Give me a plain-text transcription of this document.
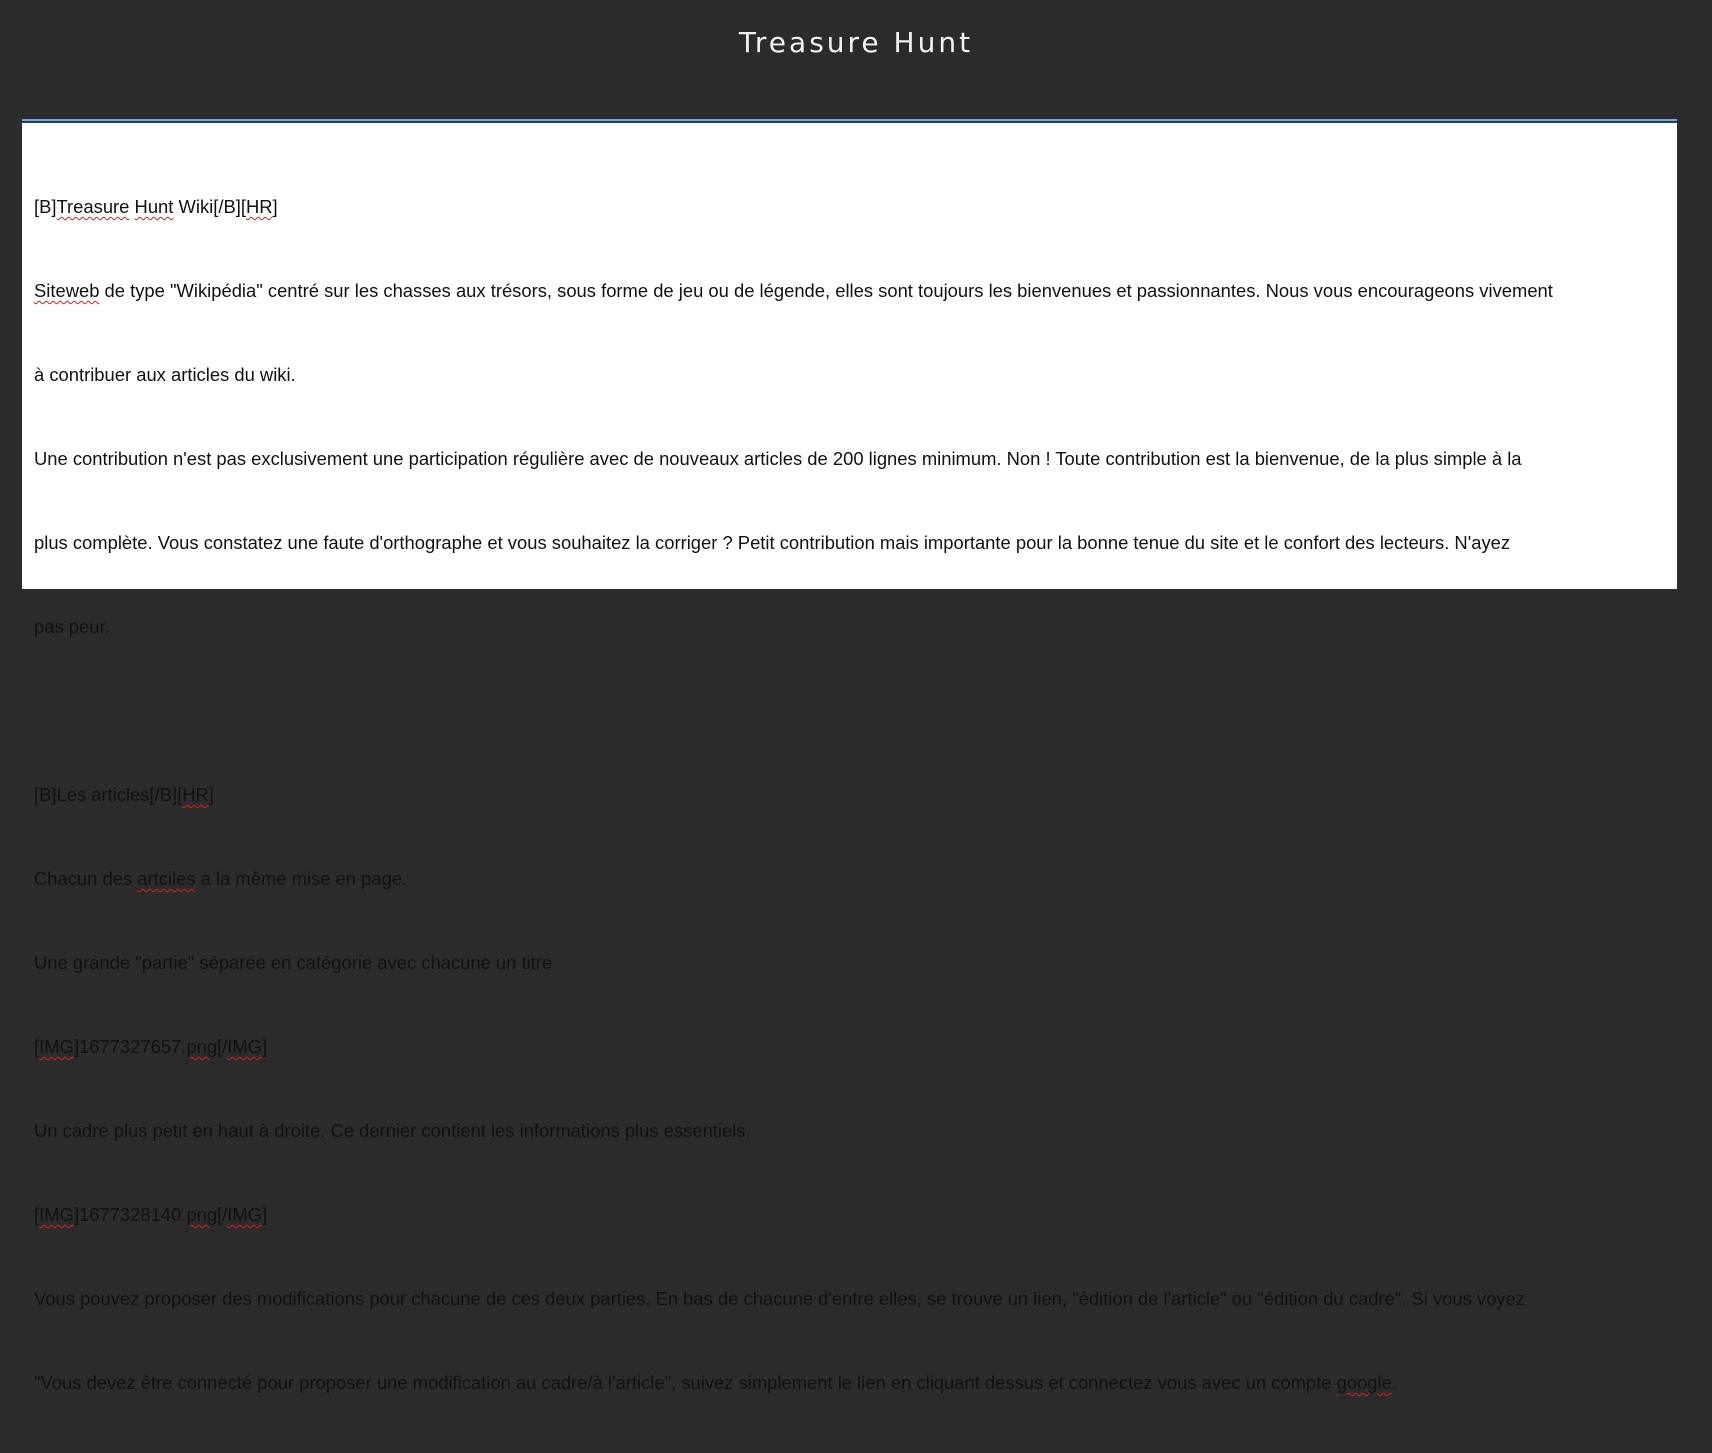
Treasure Hunt

[B]Treasure Hunt Wiki[/B][HR]

Siteweb de type "Wikipédia" centré sur les chasses aux trésors, sous forme de jeu ou de légende, elles sont toujours les bienvenues et passionnantes. Nous vous encourageons vivement

à contribuer aux articles du wiki.

Une contribution n'est pas exclusivement une participation régulière avec de nouveaux articles de 200 lignes minimum. Non ! Toute contribution est la bienvenue, de la plus simple à la

plus complète. Vous constatez une faute d'orthographe et vous souhaitez la corriger ? Petit contribution mais importante pour la bonne tenue du site et le confort des lecteurs. N'ayez

pas peur.

[B]Les articles[/B][HR]

Chacun des artciles a la même mise en page.

Une grande "partie" séparée en catégorie avec chacune un titre

[IMG]1677327657.png[/IMG]

Un cadre plus petit en haut à droite. Ce dernier contient les informations plus essentiels.

[IMG]1677328140.png[/IMG]

Vous pouvez proposer des modifications pour chacune de ces deux parties. En bas de chacune d'entre elles, se trouve un lien, "édition de l'article" ou "édition du cadre". Si vous voyez

"Vous devez être connecté pour proposer une modification au cadre/à l'article", suivez simplement le lien en cliquant dessus et connectez vous avec un compte google.
